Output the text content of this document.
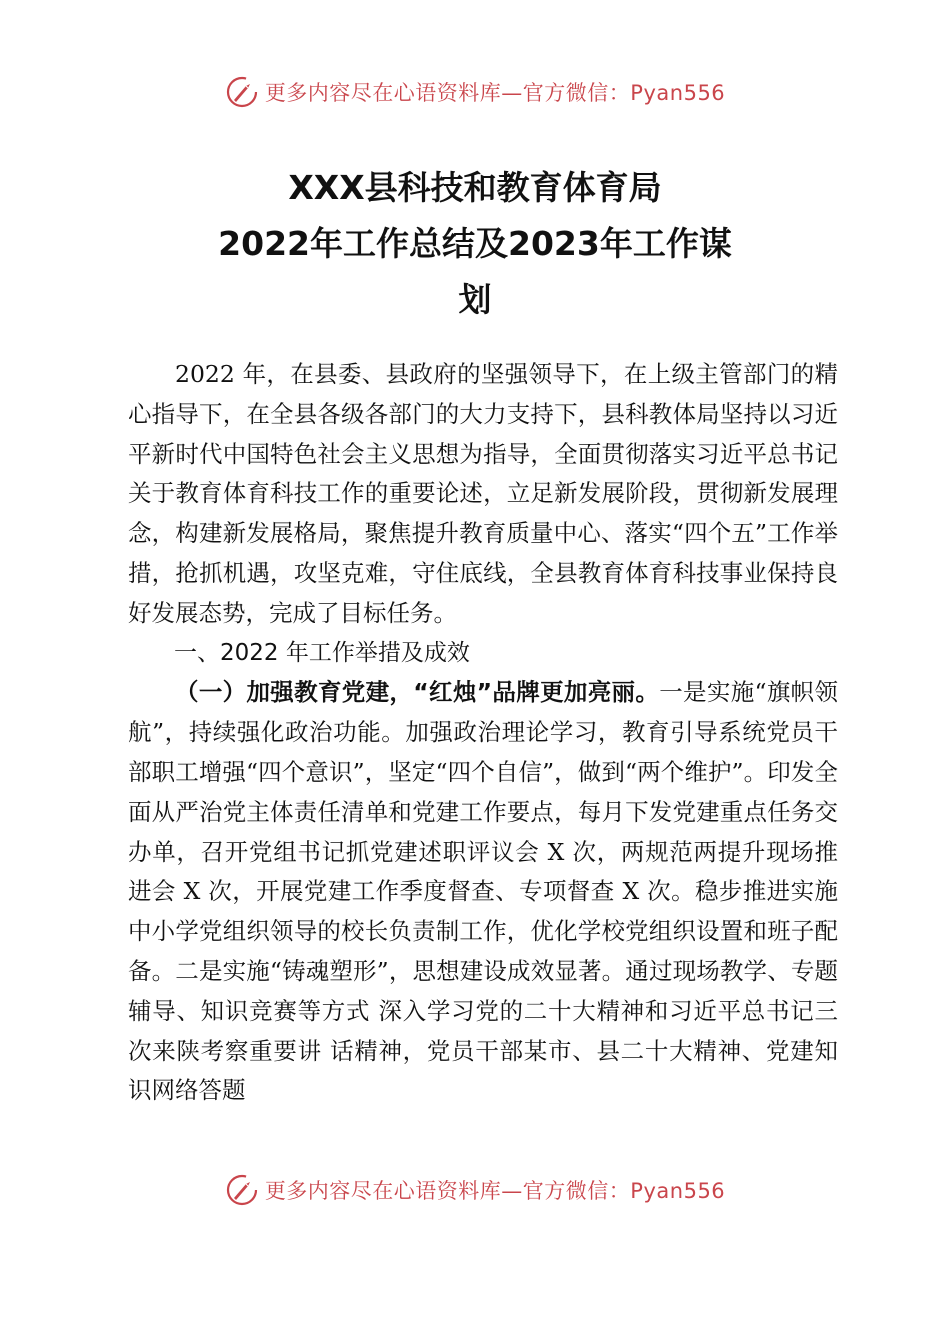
更多内容尽在心语资料库—官方微信：Pyan556
XXX县科技和教育体育局
2022年工作总结及2023年工作谋
划

2022 年，在县委、县政府的坚强领导下，在上级主管部门的精心指导下，在全县各级各部门的大力支持下，县科教体局坚持以习近平新时代中国特色社会主义思想为指导，全面贯彻落实习近平总书记关于教育体育科技工作的重要论述，立足新发展阶段，贯彻新发展理念，构建新发展格局，聚焦提升教育质量中心、落实“四个五”工作举措，抢抓机遇，攻坚克难，守住底线，全县教育体育科技事业保持良好发展态势，完成了目标任务。

一、2022 年工作举措及成效

（一）加强教育党建，“红烛”品牌更加亮丽。一是实施“旗帜领航”，持续强化政治功能。加强政治理论学习，教育引导系统党员干部职工增强“四个意识”，坚定“四个自信”，做到“两个维护”。印发全面从严治党主体责任清单和党建工作要点，每月下发党建重点任务交办单，召开党组书记抓党建述职评议会 X 次，两规范两提升现场推进会 X 次，开展党建工作季度督查、专项督查 X 次。稳步推进实施中小学党组织领导的校长负责制工作，优化学校党组织设置和班子配备。二是实施“铸魂塑形”，思想建设成效显著。通过现场教学、专题辅导、知识竞赛等方式 深入学习党的二十大精神和习近平总书记三次来陕考察重要讲 话精神，党员干部某市、县二十大精神、党建知识网络答题

更多内容尽在心语资料库—官方微信：Pyan556
